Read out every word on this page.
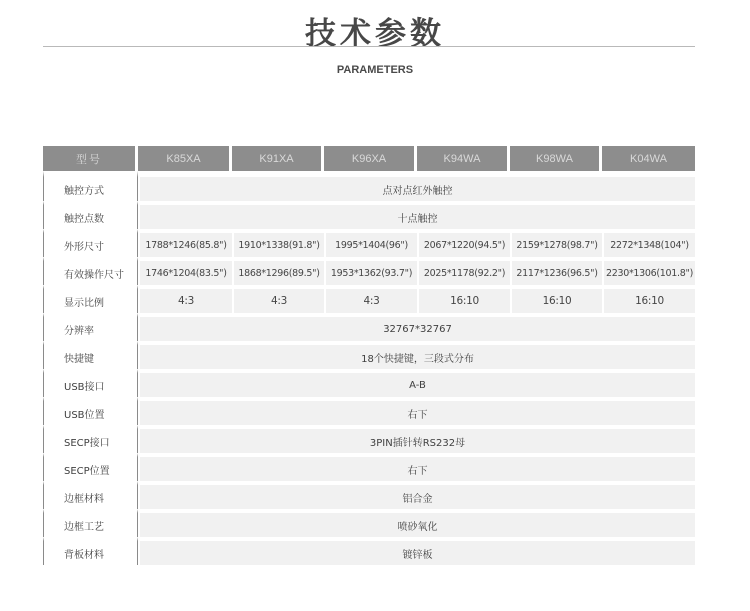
技术参数
PARAMETERS
型号	K85XA	K91XA	K96XA	K94WA	K98WA	K04WA
触控方式	点对点红外触控					
触控点数	十点触控					
外形尺寸	1788*1246(85.8")	1910*1338(91.8")	1995*1404(96")	2067*1220(94.5")	2159*1278(98.7")	2272*1348(104")
有效操作尺寸	1746*1204(83.5")	1868*1296(89.5")	1953*1362(93.7")	2025*1178(92.2")	2117*1236(96.5")	2230*1306(101.8")
显示比例	4:3	4:3	4:3	16:10	16:10	16:10
分辨率	32767*32767					
快捷键	18个快捷键，三段式分布					
USB接口	A-B					
USB位置	右下					
SECP接口	3PIN插针转RS232母					
SECP位置	右下					
边框材料	铝合金					
边框工艺	喷砂氧化					
背板材料	镀锌板					
